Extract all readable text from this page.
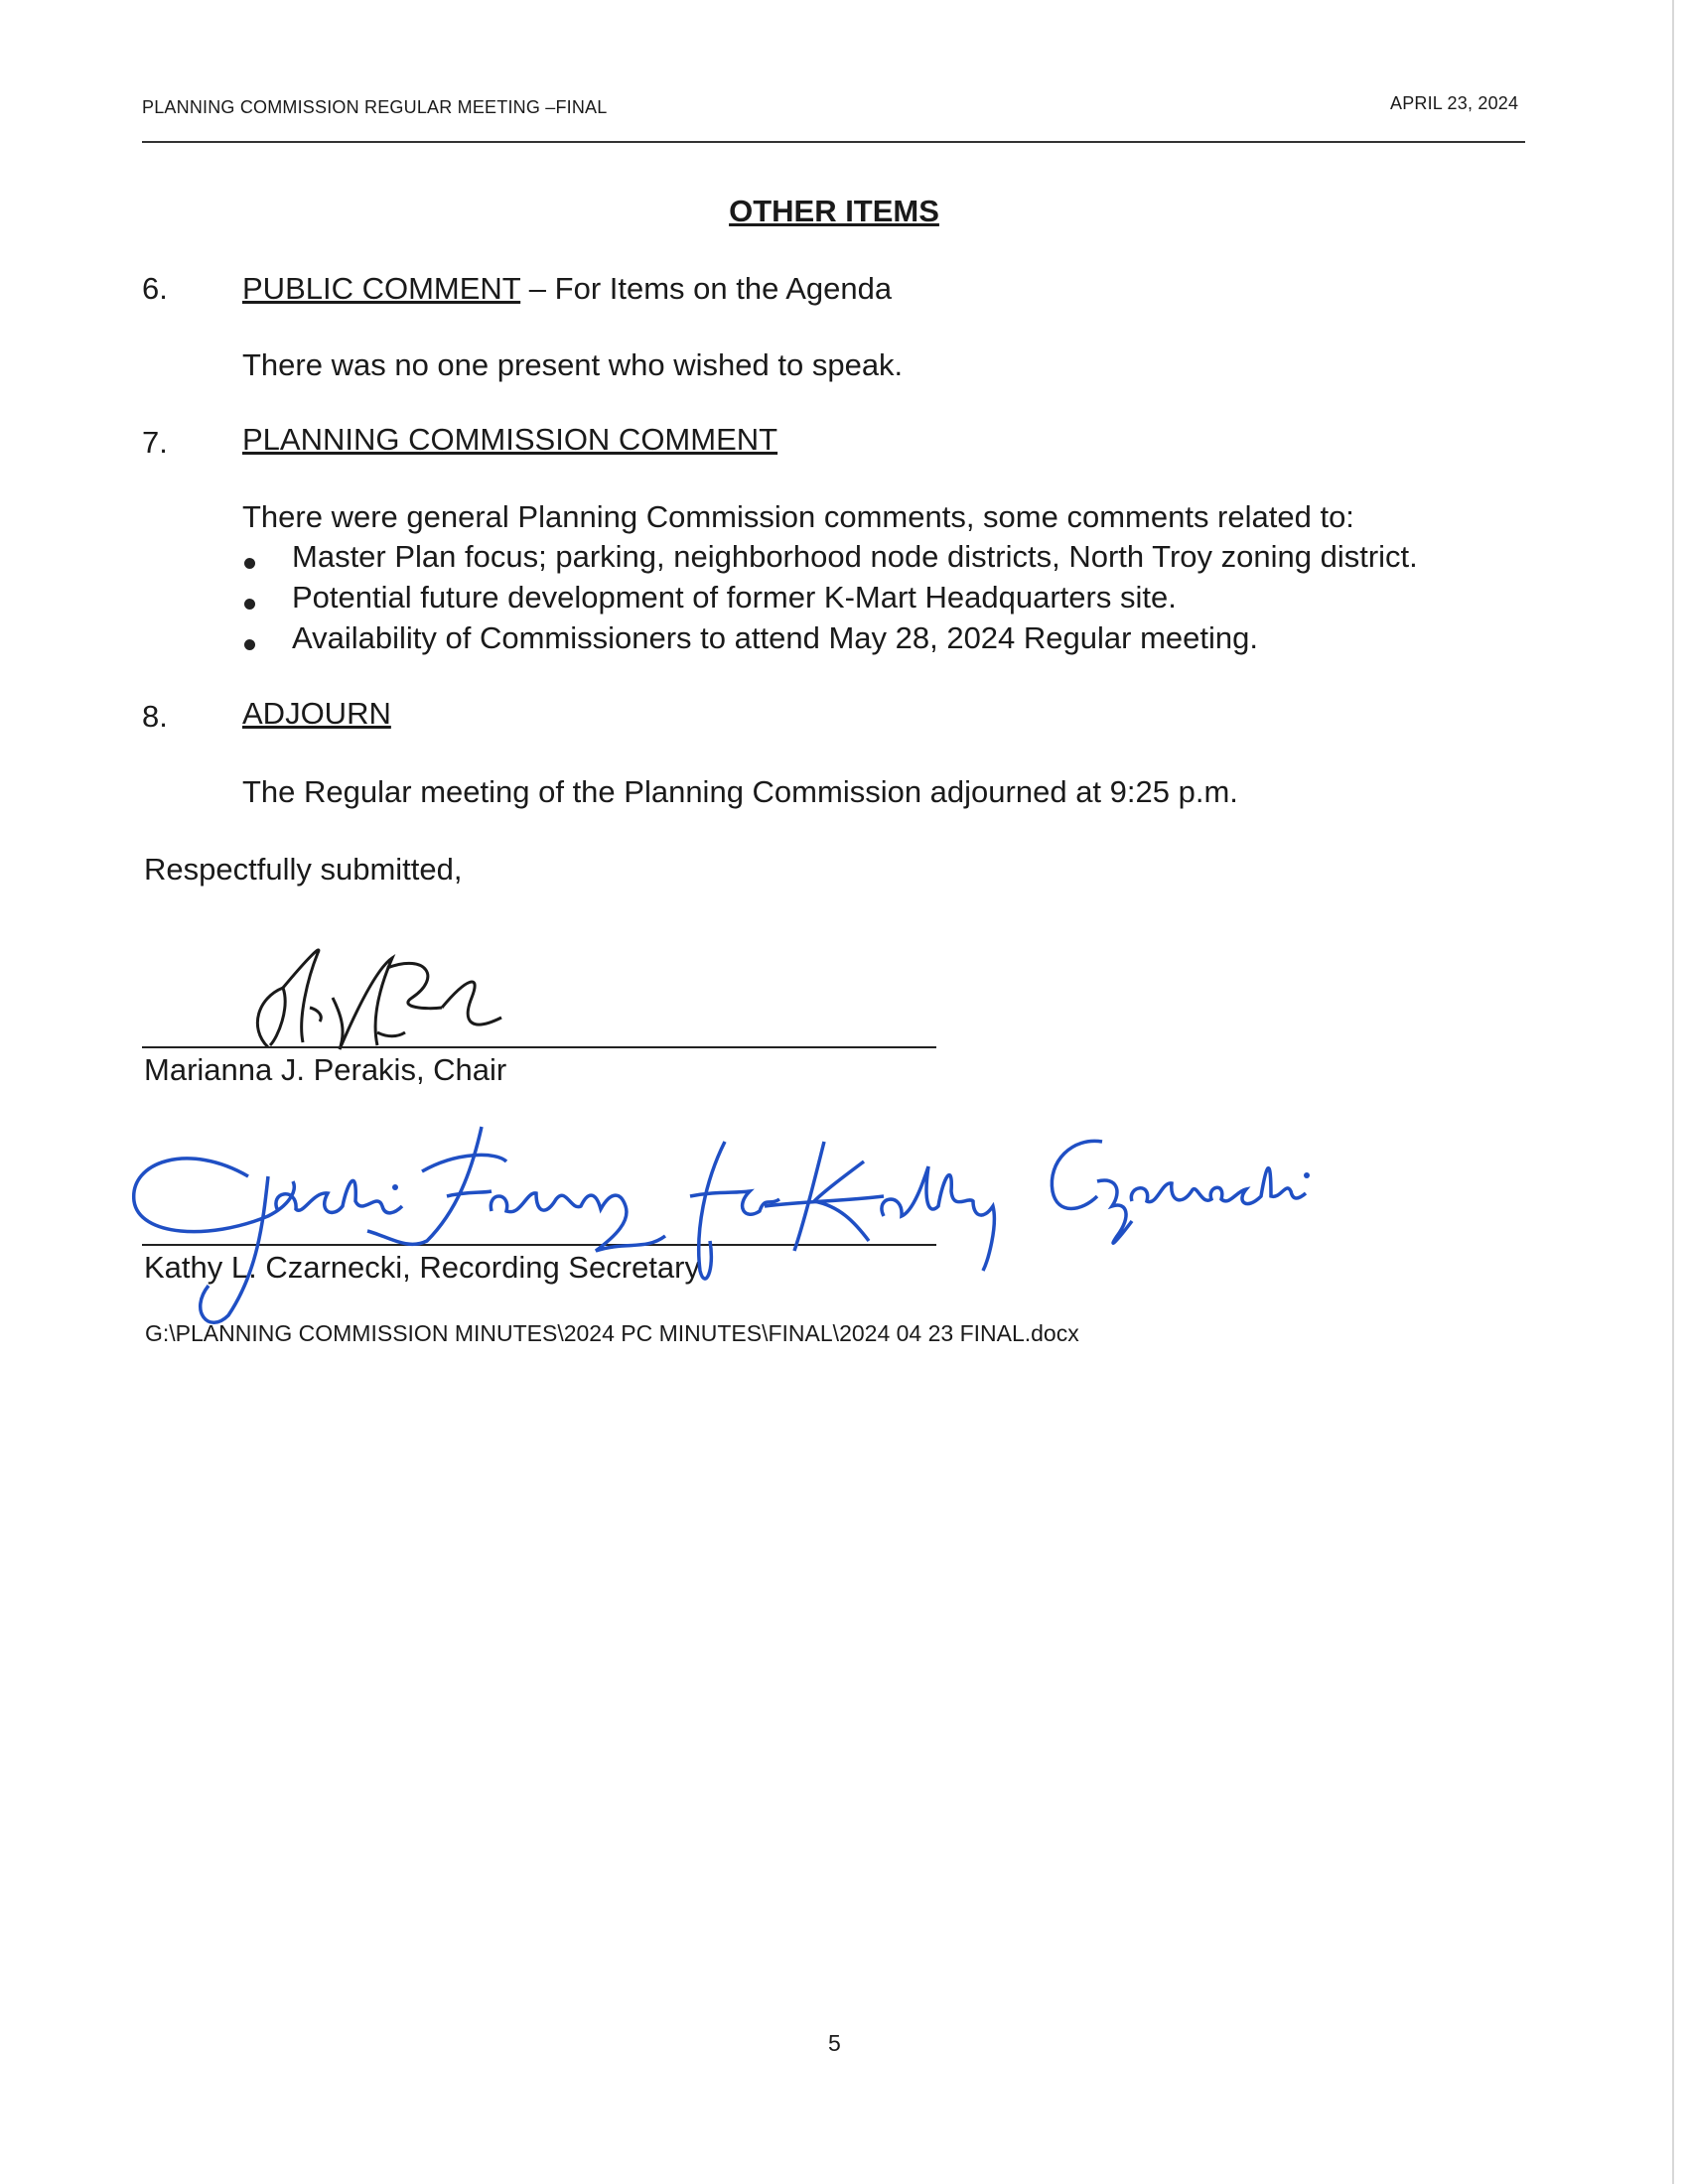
PLANNING COMMISSION REGULAR MEETING –FINAL	APRIL 23, 2024
OTHER ITEMS
6. PUBLIC COMMENT – For Items on the Agenda
There was no one present who wished to speak.
7. PLANNING COMMISSION COMMENT
There were general Planning Commission comments, some comments related to:
Master Plan focus; parking, neighborhood node districts, North Troy zoning district.
Potential future development of former K-Mart Headquarters site.
Availability of Commissioners to attend May 28, 2024 Regular meeting.
8. ADJOURN
The Regular meeting of the Planning Commission adjourned at 9:25 p.m.
Respectfully submitted,
Marianna J. Perakis, Chair
Kathy L. Czarnecki, Recording Secretary
G:\PLANNING COMMISSION MINUTES\2024 PC MINUTES\FINAL\2024 04 23 FINAL.docx
5
